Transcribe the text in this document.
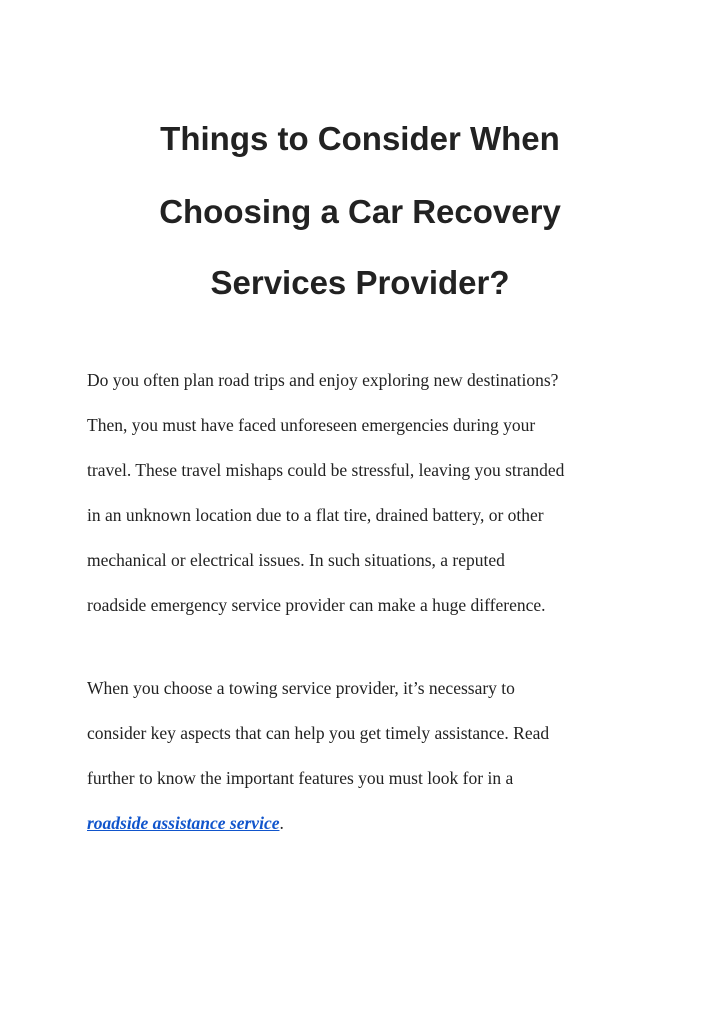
Things to Consider When
Choosing a Car Recovery
Services Provider?

Do you often plan road trips and enjoy exploring new destinations?

Then, you must have faced unforeseen emergencies during your

travel. These travel mishaps could be stressful, leaving you stranded

in an unknown location due to a flat tire, drained battery, or other

mechanical or electrical issues. In such situations, a reputed

roadside emergency service provider can make a huge difference.

When you choose a towing service provider, it’s necessary to

consider key aspects that can help you get timely assistance. Read

further to know the important features you must look for in a

roadside assistance service.
